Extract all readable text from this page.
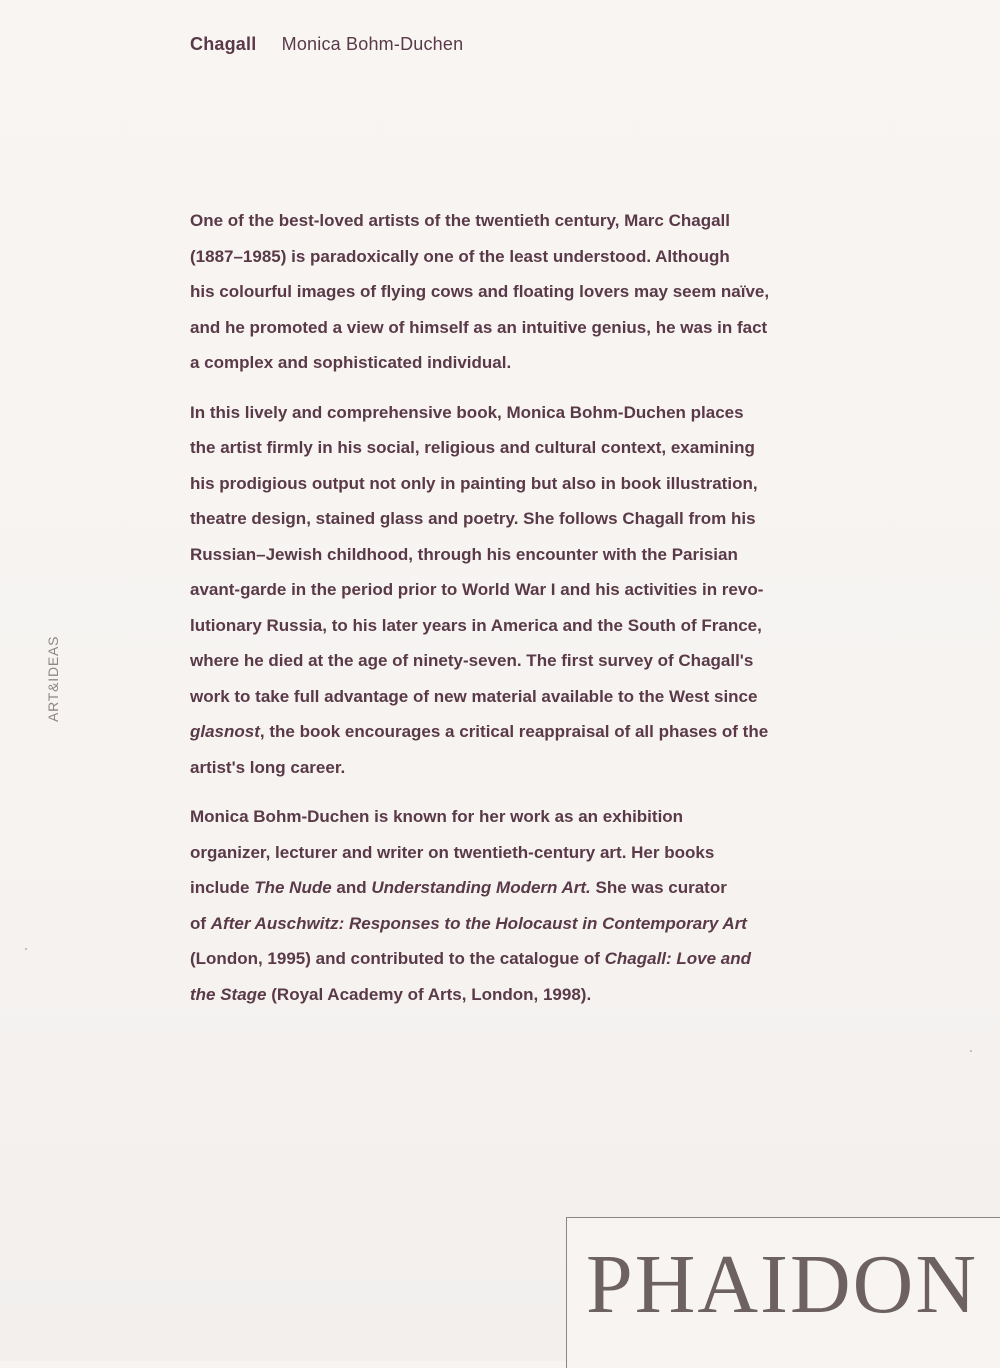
Chagall Monica Bohm-Duchen
ART&IDEAS
One of the best-loved artists of the twentieth century, Marc Chagall
(1887–1985) is paradoxically one of the least understood. Although
his colourful images of flying cows and floating lovers may seem naïve,
and he promoted a view of himself as an intuitive genius, he was in fact
a complex and sophisticated individual.
In this lively and comprehensive book, Monica Bohm-Duchen places
the artist firmly in his social, religious and cultural context, examining
his prodigious output not only in painting but also in book illustration,
theatre design, stained glass and poetry. She follows Chagall from his
Russian–Jewish childhood, through his encounter with the Parisian
avant-garde in the period prior to World War I and his activities in revo-
lutionary Russia, to his later years in America and the South of France,
where he died at the age of ninety-seven. The first survey of Chagall's
work to take full advantage of new material available to the West since
glasnost, the book encourages a critical reappraisal of all phases of the
artist's long career.
Monica Bohm-Duchen is known for her work as an exhibition
organizer, lecturer and writer on twentieth-century art. Her books
include The Nude and Understanding Modern Art. She was curator
of After Auschwitz: Responses to the Holocaust in Contemporary Art
(London, 1995) and contributed to the catalogue of Chagall: Love and
the Stage (Royal Academy of Arts, London, 1998).
PHAIDON
